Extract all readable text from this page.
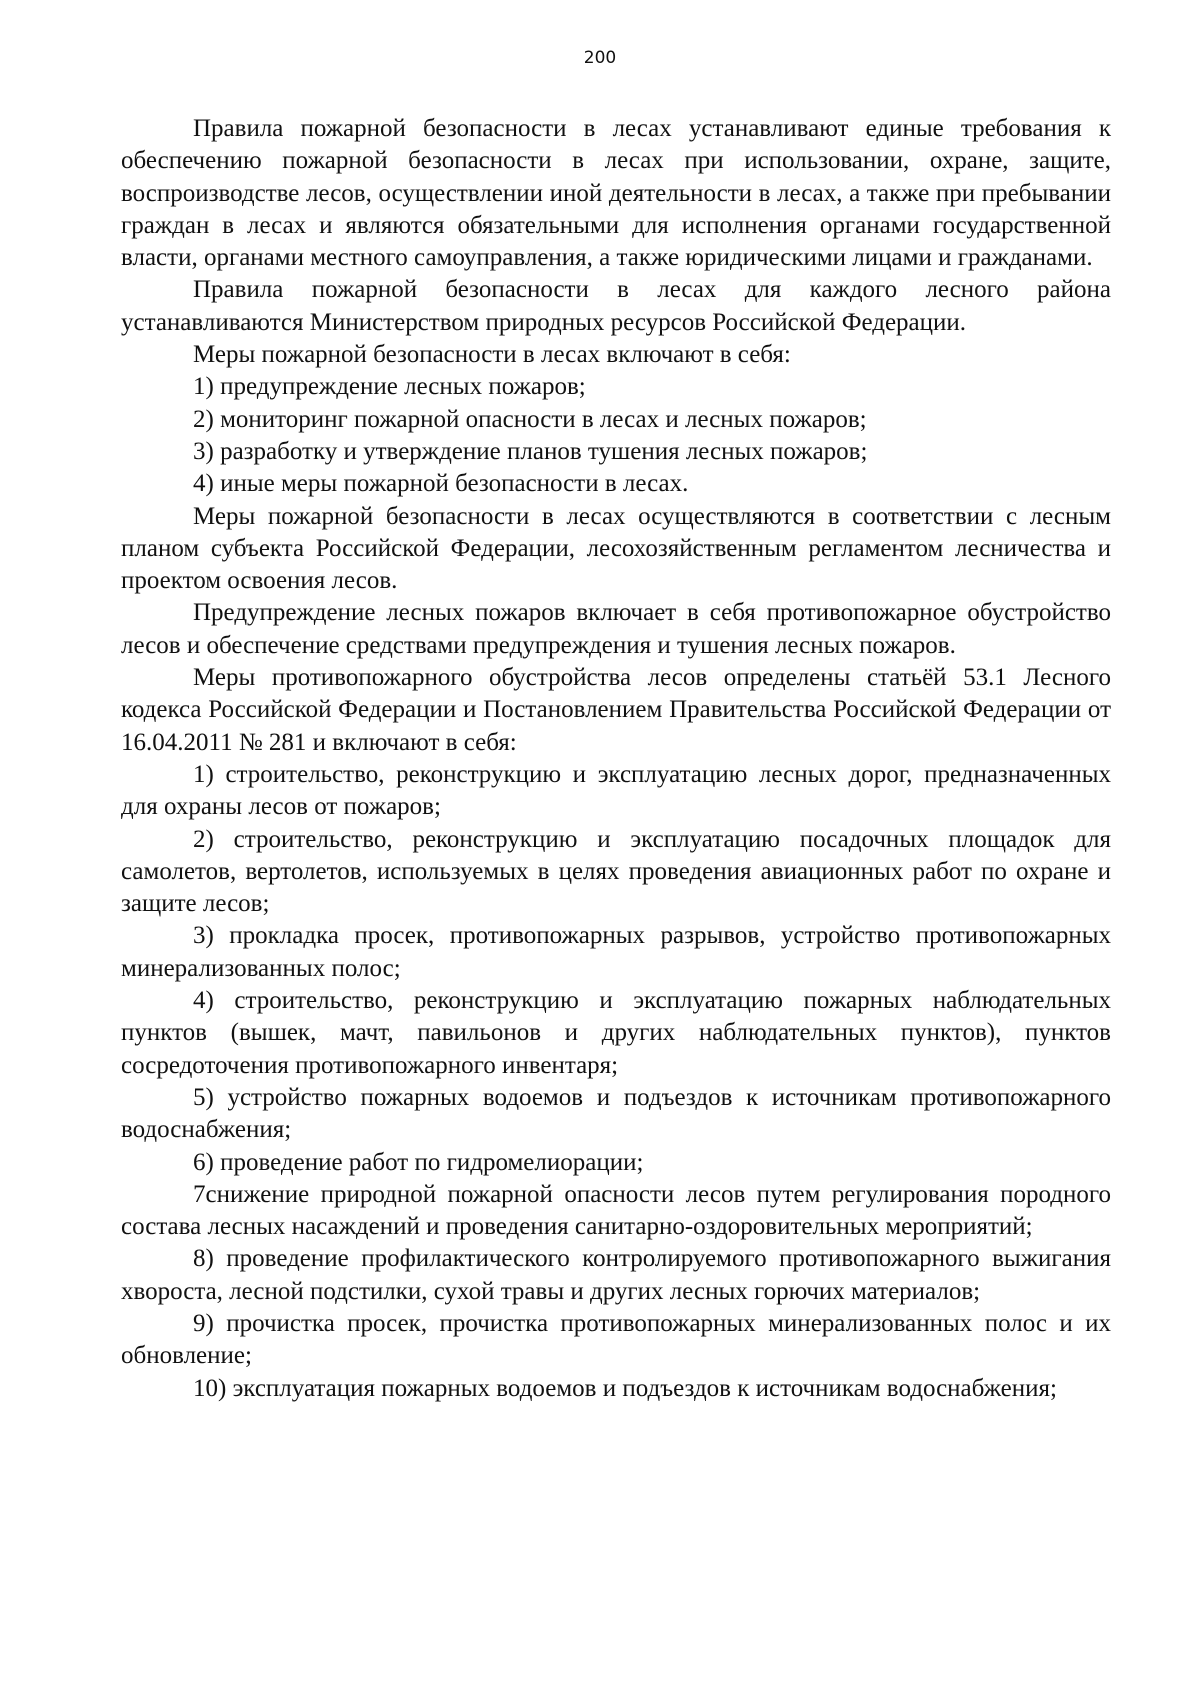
200

Правила пожарной безопасности в лесах устанавливают единые требования к обеспечению пожарной безопасности в лесах при использовании, охране, защите, воспроизводстве лесов, осуществлении иной деятельности в лесах, а также при пребывании граждан в лесах и являются обязательными для исполнения органами государственной власти, органами местного самоуправления, а также юридическими лицами и гражданами.

Правила пожарной безопасности в лесах для каждого лесного района устанавливаются Министерством природных ресурсов Российской Федерации.

Меры пожарной безопасности в лесах включают в себя:

1) предупреждение лесных пожаров;

2) мониторинг пожарной опасности в лесах и лесных пожаров;

3) разработку и утверждение планов тушения лесных пожаров;

4) иные меры пожарной безопасности в лесах.

Меры пожарной безопасности в лесах осуществляются в соответствии с лесным планом субъекта Российской Федерации, лесохозяйственным регламентом лесничества и проектом освоения лесов.

Предупреждение лесных пожаров включает в себя противопожарное обустройство лесов и обеспечение средствами предупреждения и тушения лесных пожаров.

Меры противопожарного обустройства лесов определены статьёй 53.1 Лесного кодекса Российской Федерации и Постановлением Правительства Российской Федерации от 16.04.2011 № 281 и включают в себя:

1) строительство, реконструкцию и эксплуатацию лесных дорог, предназначенных для охраны лесов от пожаров;

2) строительство, реконструкцию и эксплуатацию посадочных площадок для самолетов, вертолетов, используемых в целях проведения авиационных работ по охране и защите лесов;

3) прокладка просек, противопожарных разрывов, устройство противопожарных минерализованных полос;

4) строительство, реконструкцию и эксплуатацию пожарных наблюдательных пунктов (вышек, мачт, павильонов и других наблюдательных пунктов), пунктов сосредоточения противопожарного инвентаря;

5) устройство пожарных водоемов и подъездов к источникам противопожарного водоснабжения;

6) проведение работ по гидромелиорации;

7снижение природной пожарной опасности лесов путем регулирования породного состава лесных насаждений и проведения санитарно-оздоровительных мероприятий;

8) проведение профилактического контролируемого противопожарного выжигания хвороста, лесной подстилки, сухой травы и других лесных горючих материалов;

9) прочистка просек, прочистка противопожарных минерализованных полос и их обновление;

10) эксплуатация пожарных водоемов и подъездов к источникам водоснабжения;
